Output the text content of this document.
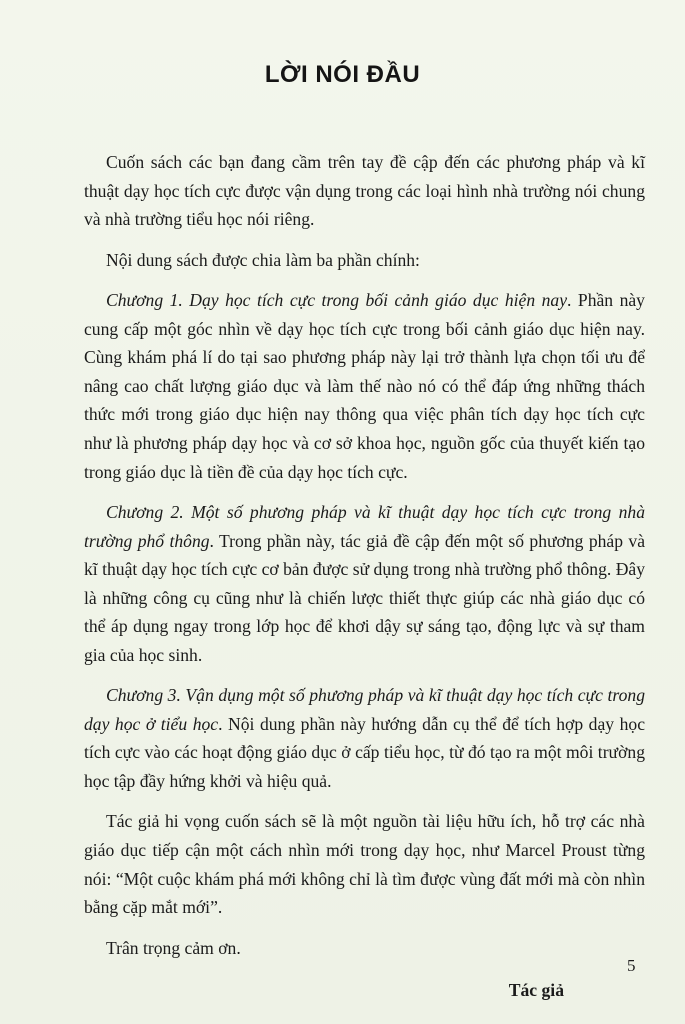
LỜI NÓI ĐẦU

Cuốn sách các bạn đang cầm trên tay đề cập đến các phương pháp và kĩ thuật dạy học tích cực được vận dụng trong các loại hình nhà trường nói chung và nhà trường tiểu học nói riêng.

Nội dung sách được chia làm ba phần chính:

Chương 1. Dạy học tích cực trong bối cảnh giáo dục hiện nay. Phần này cung cấp một góc nhìn về dạy học tích cực trong bối cảnh giáo dục hiện nay. Cùng khám phá lí do tại sao phương pháp này lại trở thành lựa chọn tối ưu để nâng cao chất lượng giáo dục và làm thế nào nó có thể đáp ứng những thách thức mới trong giáo dục hiện nay thông qua việc phân tích dạy học tích cực như là phương pháp dạy học và cơ sở khoa học, nguồn gốc của thuyết kiến tạo trong giáo dục là tiền đề của dạy học tích cực.

Chương 2. Một số phương pháp và kĩ thuật dạy học tích cực trong nhà trường phổ thông. Trong phần này, tác giả đề cập đến một số phương pháp và kĩ thuật dạy học tích cực cơ bản được sử dụng trong nhà trường phổ thông. Đây là những công cụ cũng như là chiến lược thiết thực giúp các nhà giáo dục có thể áp dụng ngay trong lớp học để khơi dậy sự sáng tạo, động lực và sự tham gia của học sinh.

Chương 3. Vận dụng một số phương pháp và kĩ thuật dạy học tích cực trong dạy học ở tiểu học. Nội dung phần này hướng dẫn cụ thể để tích hợp dạy học tích cực vào các hoạt động giáo dục ở cấp tiểu học, từ đó tạo ra một môi trường học tập đầy hứng khởi và hiệu quả.

Tác giả hi vọng cuốn sách sẽ là một nguồn tài liệu hữu ích, hỗ trợ các nhà giáo dục tiếp cận một cách nhìn mới trong dạy học, như Marcel Proust từng nói: “Một cuộc khám phá mới không chỉ là tìm được vùng đất mới mà còn nhìn bằng cặp mắt mới”.

Trân trọng cảm ơn.

Tác giả

5
